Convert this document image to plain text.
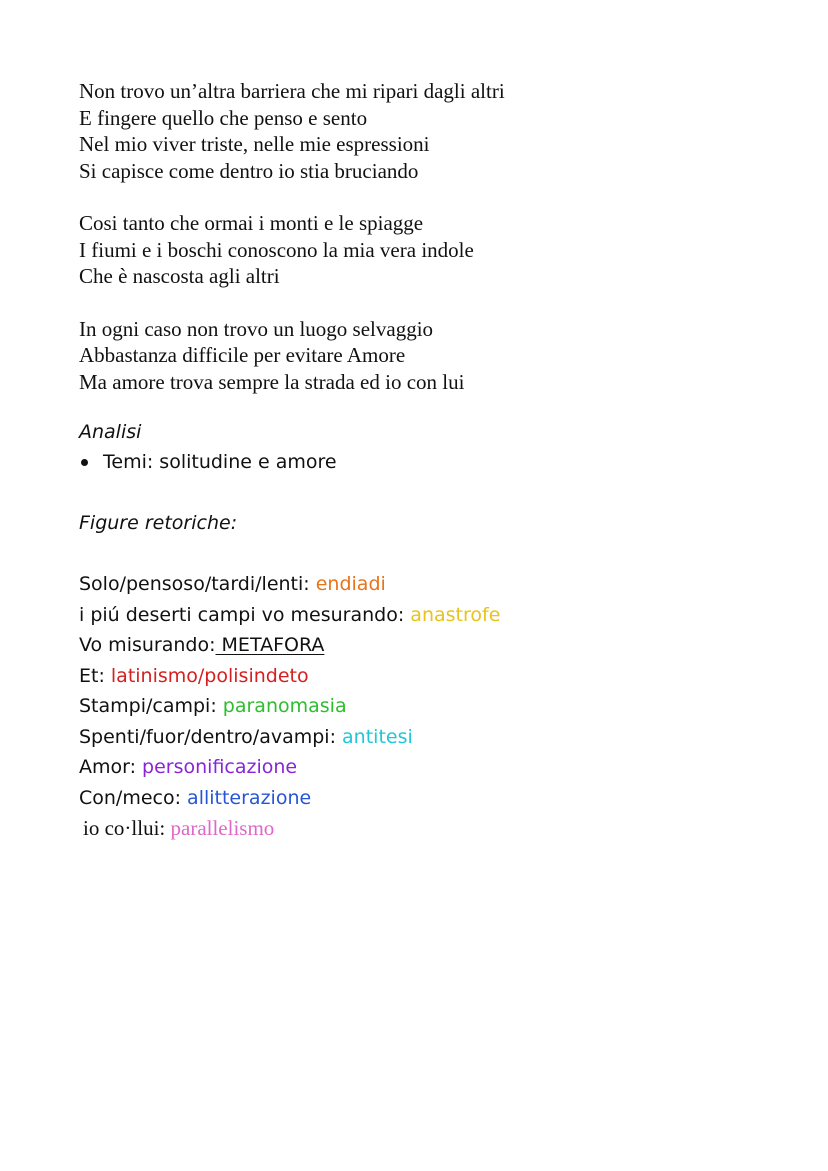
Non trovo un’altra barriera che mi ripari dagli altri
E fingere quello che penso e sento
Nel mio viver triste, nelle mie espressioni
Si capisce come dentro io stia bruciando
Cosi tanto che ormai i monti e le spiagge
I fiumi e i boschi conoscono la mia vera indole
Che è nascosta agli altri
In ogni caso non trovo un luogo selvaggio
Abbastanza difficile per evitare Amore
Ma amore trova sempre la strada ed io con lui
Analisi
Temi: solitudine e amore
Figure retoriche:
Solo/pensoso/tardi/lenti: endiadi
i piú deserti campi vo mesurando: anastrofe
Vo misurando: METAFORA
Et: latinismo/polisindeto
Stampi/campi: paranomasia
Spenti/fuor/dentro/avampi: antitesi
Amor: personificazione
Con/meco: allitterazione
io co·llui: parallelismo
